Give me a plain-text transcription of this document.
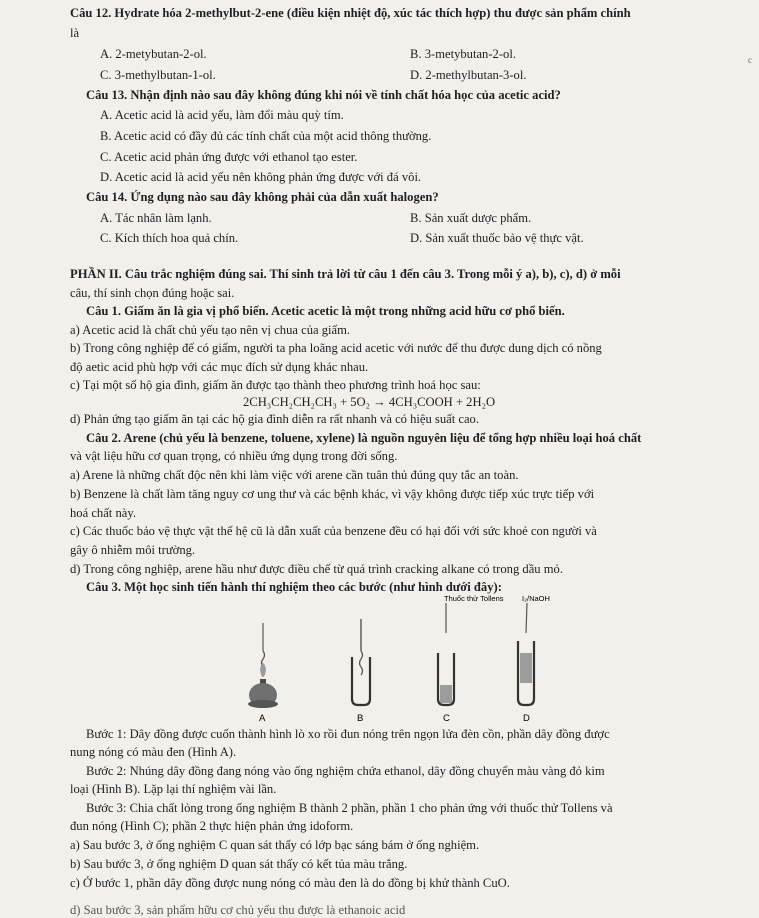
Câu 12. Hydrate hóa 2-methylbut-2-ene (điều kiện nhiệt độ, xúc tác thích hợp) thu được sản phẩm chính
là
A. 2-metybutan-2-ol.	B. 3-metybutan-2-ol.	c
C. 3-methylbutan-1-ol.	D. 2-methylbutan-3-ol.
Câu 13. Nhận định nào sau đây không đúng khi nói về tính chất hóa học của acetic acid?
A. Acetic acid là acid yếu, làm đổi màu quỳ tím.
B. Acetic acid có đầy đủ các tính chất của một acid thông thường.
C. Acetic acid phản ứng được với ethanol tạo ester.
D. Acetic acid là acid yếu nên không phản ứng được với đá vôi.
Câu 14. Ứng dụng nào sau đây không phải của dẫn xuất halogen?
A. Tác nhân làm lạnh.	B. Sản xuất dược phẩm.
C. Kích thích hoa quả chín.	D. Sản xuất thuốc bảo vệ thực vật.
PHẦN II. Câu trắc nghiệm đúng sai. Thí sinh trả lời từ câu 1 đến câu 3. Trong mỗi ý a), b), c), d) ở mỗi
câu, thí sinh chọn đúng hoặc sai.
Câu 1. Giấm ăn là gia vị phổ biến. Acetic acetic là một trong những acid hữu cơ phổ biến.
a) Acetic acid là chất chủ yếu tạo nên vị chua của giấm.
b) Trong công nghiệp để có giấm, người ta pha loãng acid acetic với nước để thu được dung dịch có nồng
độ aetic acid phù hợp với các mục đích sử dụng khác nhau.
c) Tại một số hộ gia đình, giấm ăn được tạo thành theo phương trình hoá học sau:
2CH₃CH₂CH₂CH₃ + 5O₂ → 4CH₃COOH + 2H₂O
d) Phản ứng tạo giấm ăn tại các hộ gia đình diễn ra rất nhanh và có hiệu suất cao.
Câu 2. Arene (chủ yếu là benzene, toluene, xylene) là nguồn nguyên liệu để tổng hợp nhiều loại hoá chất
và vật liệu hữu cơ quan trọng, có nhiều ứng dụng trong đời sống.
a) Arene là những chất độc nên khi làm việc với arene cần tuân thủ đúng quy tắc an toàn.
b) Benzene là chất làm tăng nguy cơ ung thư và các bệnh khác, vì vậy không được tiếp xúc trực tiếp với
hoá chất này.
c) Các thuốc bảo vệ thực vật thế hệ cũ là dẫn xuất của benzene đều có hại đối với sức khoẻ con người và
gây ô nhiễm môi trường.
d) Trong công nghiệp, arene hầu như được điều chế từ quá trình cracking alkane có trong dầu mỏ.
Câu 3. Một học sinh tiến hành thí nghiệm theo các bước (như hình dưới đây):
Thuốc thử Tollens I₂/NaOH
A	B	C	D
Bước 1: Dây đồng được cuốn thành hình lò xo rồi đun nóng trên ngọn lửa đèn cồn, phần dây đồng được
nung nóng có màu đen (Hình A).
Bước 2: Nhúng dây đồng đang nóng vào ống nghiệm chứa ethanol, dây đồng chuyển màu vàng đỏ kim
loại (Hình B). Lặp lại thí nghiệm vài lần.
Bước 3: Chia chất lỏng trong ống nghiệm B thành 2 phần, phần 1 cho phản ứng với thuốc thử Tollens và
đun nóng (Hình C); phần 2 thực hiện phản ứng idoform.
a) Sau bước 3, ở ống nghiệm C quan sát thấy có lớp bạc sáng bám ở ống nghiệm.
b) Sau bước 3, ở ống nghiệm D quan sát thấy có kết tủa màu trắng.
c) Ở bước 1, phần dây đồng được nung nóng có màu đen là do đồng bị khử thành CuO.
d) Sau bước 3, sản phẩm hữu cơ chủ yếu thu được là ethanoic acid
